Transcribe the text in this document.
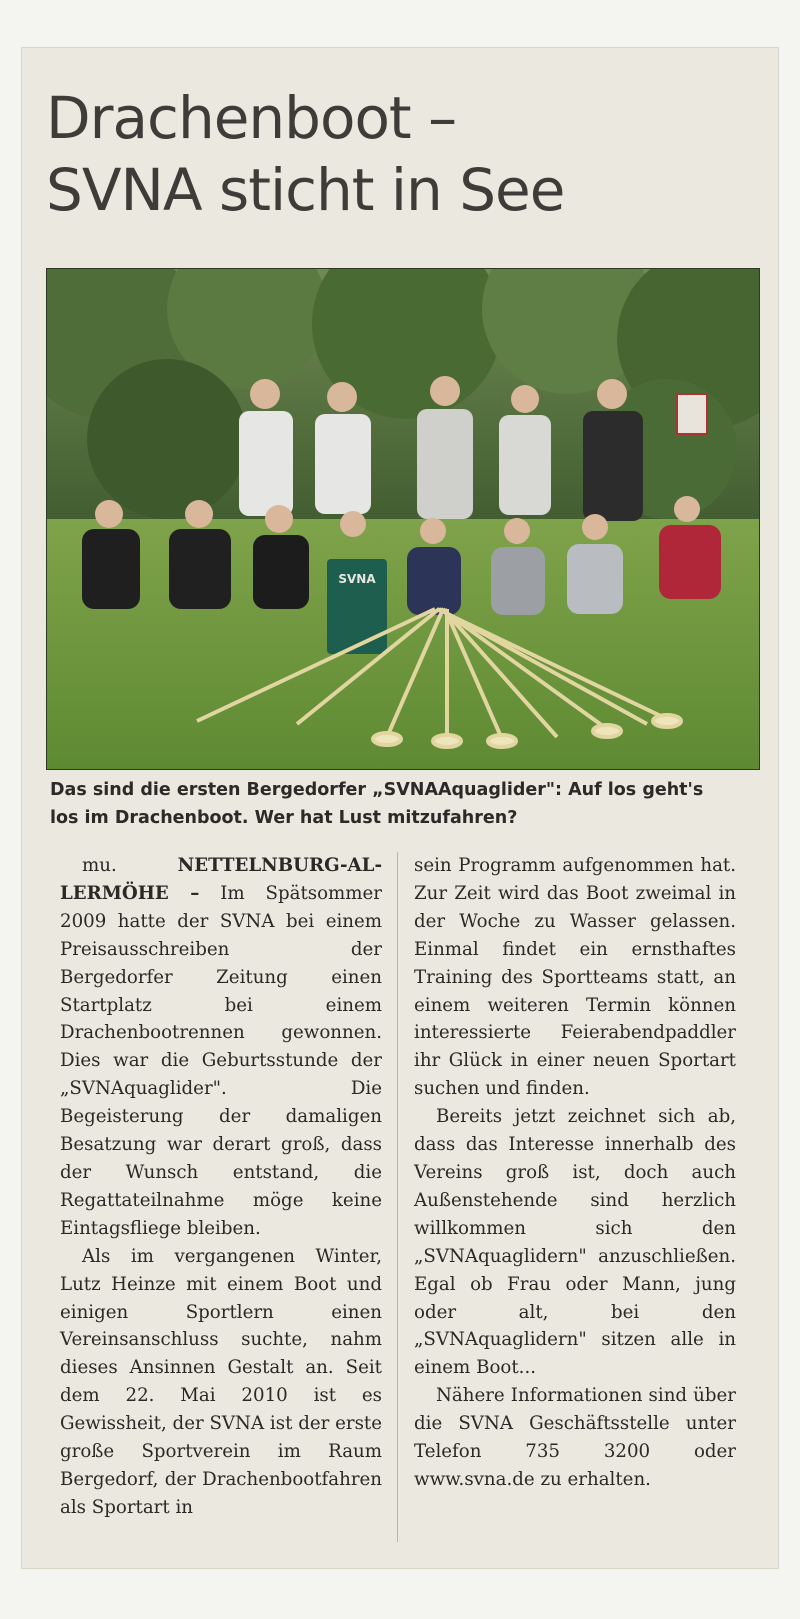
Drachenboot –
SVNA sticht in See
SVNA

Das sind die ersten Bergedorfer „SVNAAquaglider": Auf los geht's
los im Drachenboot. Wer hat Lust mitzufahren?

mu.	NETTELNBURG-AL-LERMÖHE – Im Spätsommer 2009 hatte der SVNA bei einem Preisausschreiben der Bergedorfer Zeitung einen Startplatz bei einem Drachenbootrennen gewonnen. Dies war die Geburtsstunde der „SVNAquaglider". Die Begeisterung der damaligen Besatzung war derart groß, dass der Wunsch entstand, die Regattateilnahme möge keine Eintagsfliege bleiben.

Als im vergangenen Winter, Lutz Heinze mit einem Boot und einigen Sportlern einen Vereinsanschluss suchte, nahm dieses Ansinnen Gestalt an. Seit dem 22. Mai 2010 ist es Gewissheit, der SVNA ist der erste große Sportverein im Raum Bergedorf, der Drachenbootfahren als Sportart in

sein Programm aufgenommen hat. Zur Zeit wird das Boot zweimal in der Woche zu Wasser gelassen. Einmal findet ein ernsthaftes Training des Sportteams statt, an einem weiteren Termin können interessierte Feierabendpaddler ihr Glück in einer neuen Sportart suchen und finden.

Bereits jetzt zeichnet sich ab, dass das Interesse innerhalb des Vereins groß ist, doch auch Außenstehende sind herzlich willkommen sich den „SVNAquaglidern" anzuschließen. Egal ob Frau oder Mann, jung oder alt, bei den „SVNAquaglidern" sitzen alle in einem Boot...

Nähere Informationen sind über die SVNA Geschäftsstelle unter Telefon 735 3200 oder www.svna.de zu erhalten.
